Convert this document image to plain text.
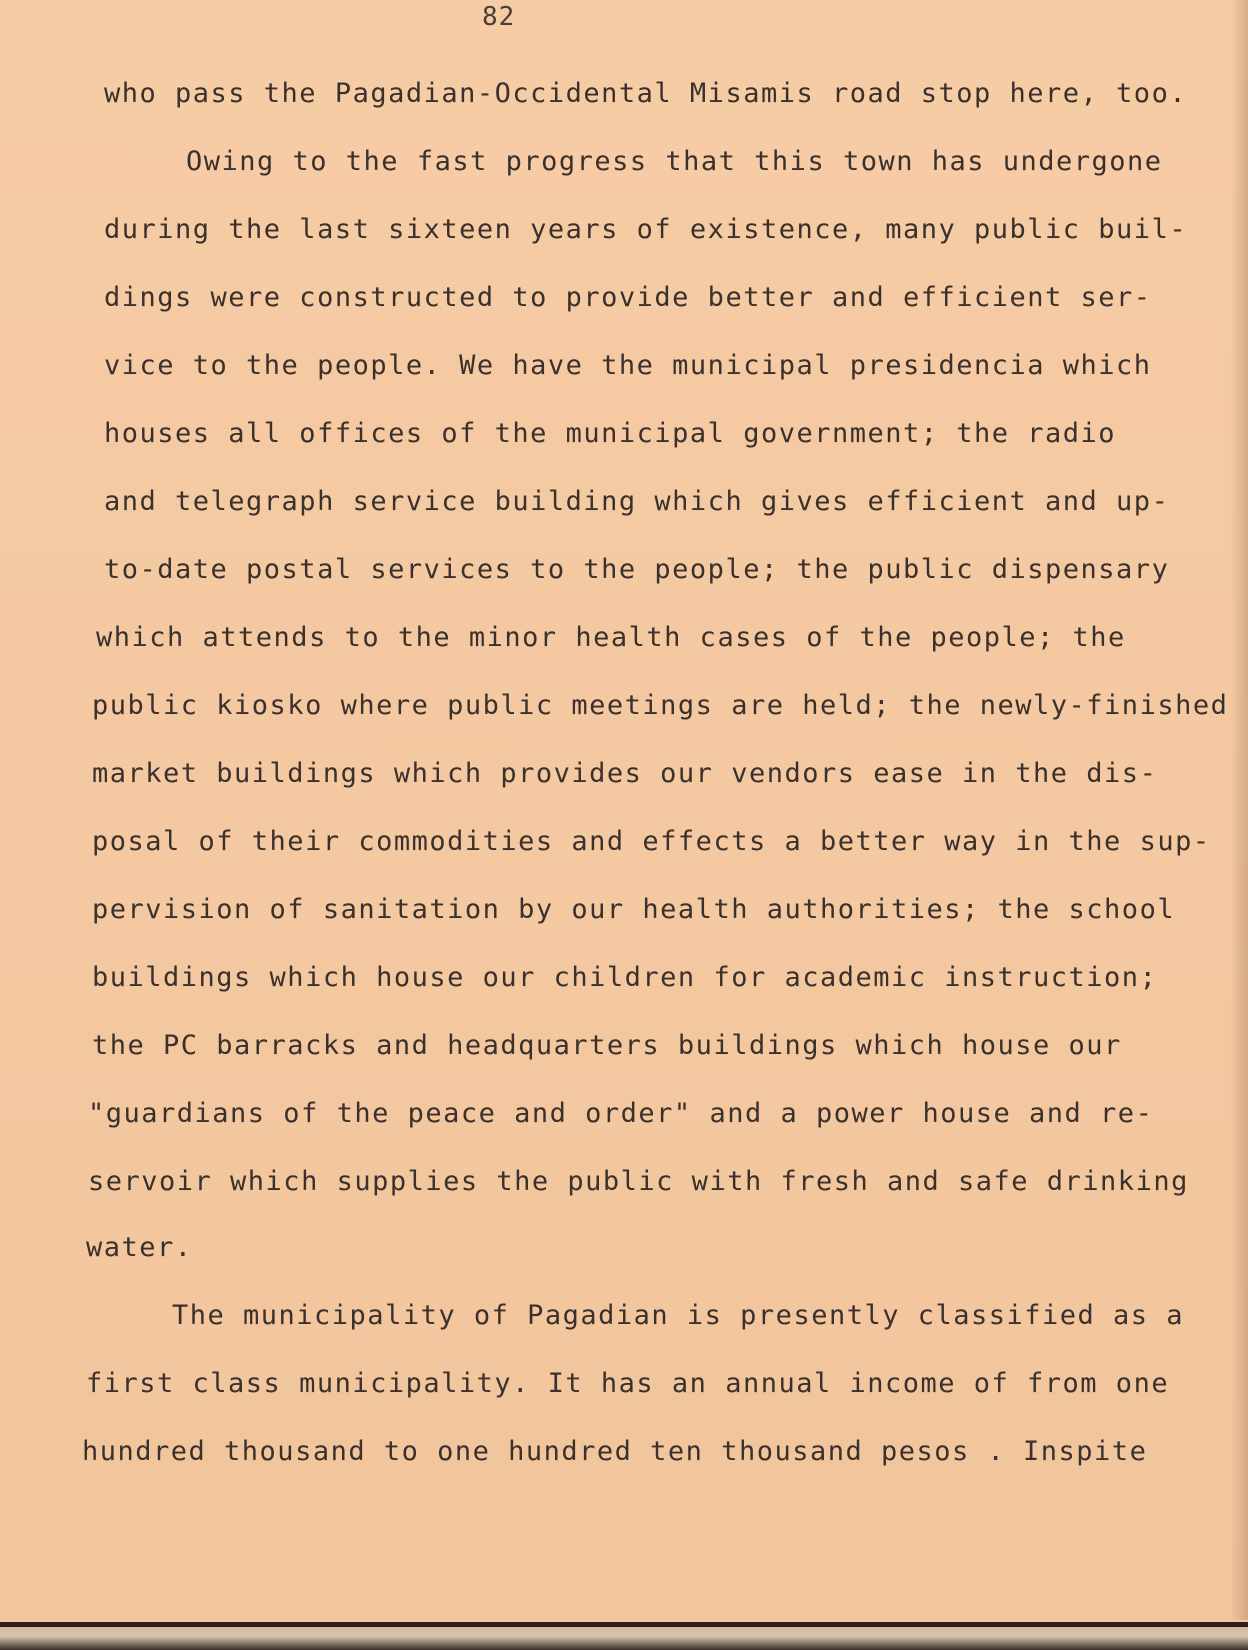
82
who pass the Pagadian-Occidental Misamis road stop here, too.
Owing to the fast progress that this town has undergone
during the last sixteen years of existence, many public buil-
dings were constructed to provide better and efficient ser-
vice to the people. We have the municipal presidencia which
houses all offices of the municipal government; the radio
and telegraph service building which gives efficient and up-
to-date postal services to the people; the public dispensary
which attends to the minor health cases of the people; the
public kiosko where public meetings are held; the newly-finished
market buildings which provides our vendors ease in the dis-
posal of their commodities and effects a better way in the sup-
pervision of sanitation by our health authorities; the school
buildings which house our children for academic instruction;
the PC barracks and headquarters buildings which house our
"guardians of the peace and order" and a power house and re-
servoir which supplies the public with fresh and safe drinking
water.
The municipality of Pagadian is presently classified as a
first class municipality. It has an annual income of from one
hundred thousand to one hundred ten thousand pesos . Inspite
